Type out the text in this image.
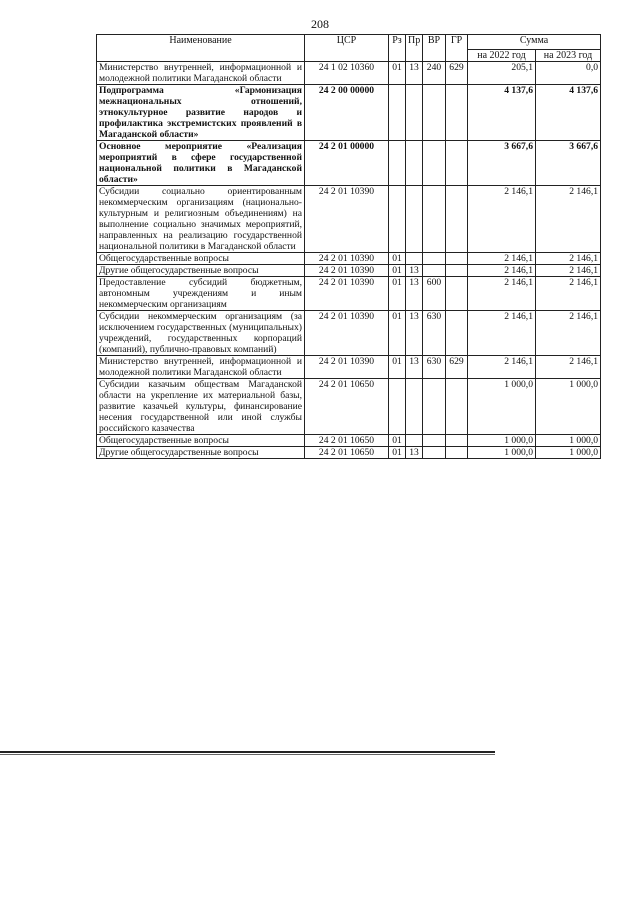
208
Наименование	ЦСР	Рз	Пр	ВР	ГР	Сумма	
						на 2022 год	на 2023 год
Министерство внутренней, информационной и молодежной политики Магаданской области	24 1 02 10360	01	13	240	629	205,1	0,0
Подпрограмма «Гармонизация межнациональных отношений, этнокультурное развитие народов и профилактика экстремистских проявлений в Магаданской области»	24 2 00 00000					4 137,6	4 137,6
Основное мероприятие «Реализация мероприятий в сфере государственной национальной политики в Магаданской области»	24 2 01 00000					3 667,6	3 667,6
Субсидии социально ориентированным некоммерческим организациям (национально-культурным и религиозным объединениям) на выполнение социально значимых мероприятий, направленных на реализацию государственной национальной политики в Магаданской области	24 2 01 10390					2 146,1	2 146,1
Общегосударственные вопросы	24 2 01 10390	01				2 146,1	2 146,1
Другие общегосударственные вопросы	24 2 01 10390	01	13			2 146,1	2 146,1
Предоставление субсидий бюджетным, автономным учреждениям и иным некоммерческим организациям	24 2 01 10390	01	13	600		2 146,1	2 146,1
Субсидии некоммерческим организациям (за исключением государственных (муниципальных) учреждений, государственных корпораций (компаний), публично-правовых компаний)	24 2 01 10390	01	13	630		2 146,1	2 146,1
Министерство внутренней, информационной и молодежной политики Магаданской области	24 2 01 10390	01	13	630	629	2 146,1	2 146,1
Субсидии казачьим обществам Магаданской области на укрепление их материальной базы, развитие казачьей культуры, финансирование несения государственной или иной службы российского казачества	24 2 01 10650					1 000,0	1 000,0
Общегосударственные вопросы	24 2 01 10650	01				1 000,0	1 000,0
Другие общегосударственные вопросы	24 2 01 10650	01	13			1 000,0	1 000,0
